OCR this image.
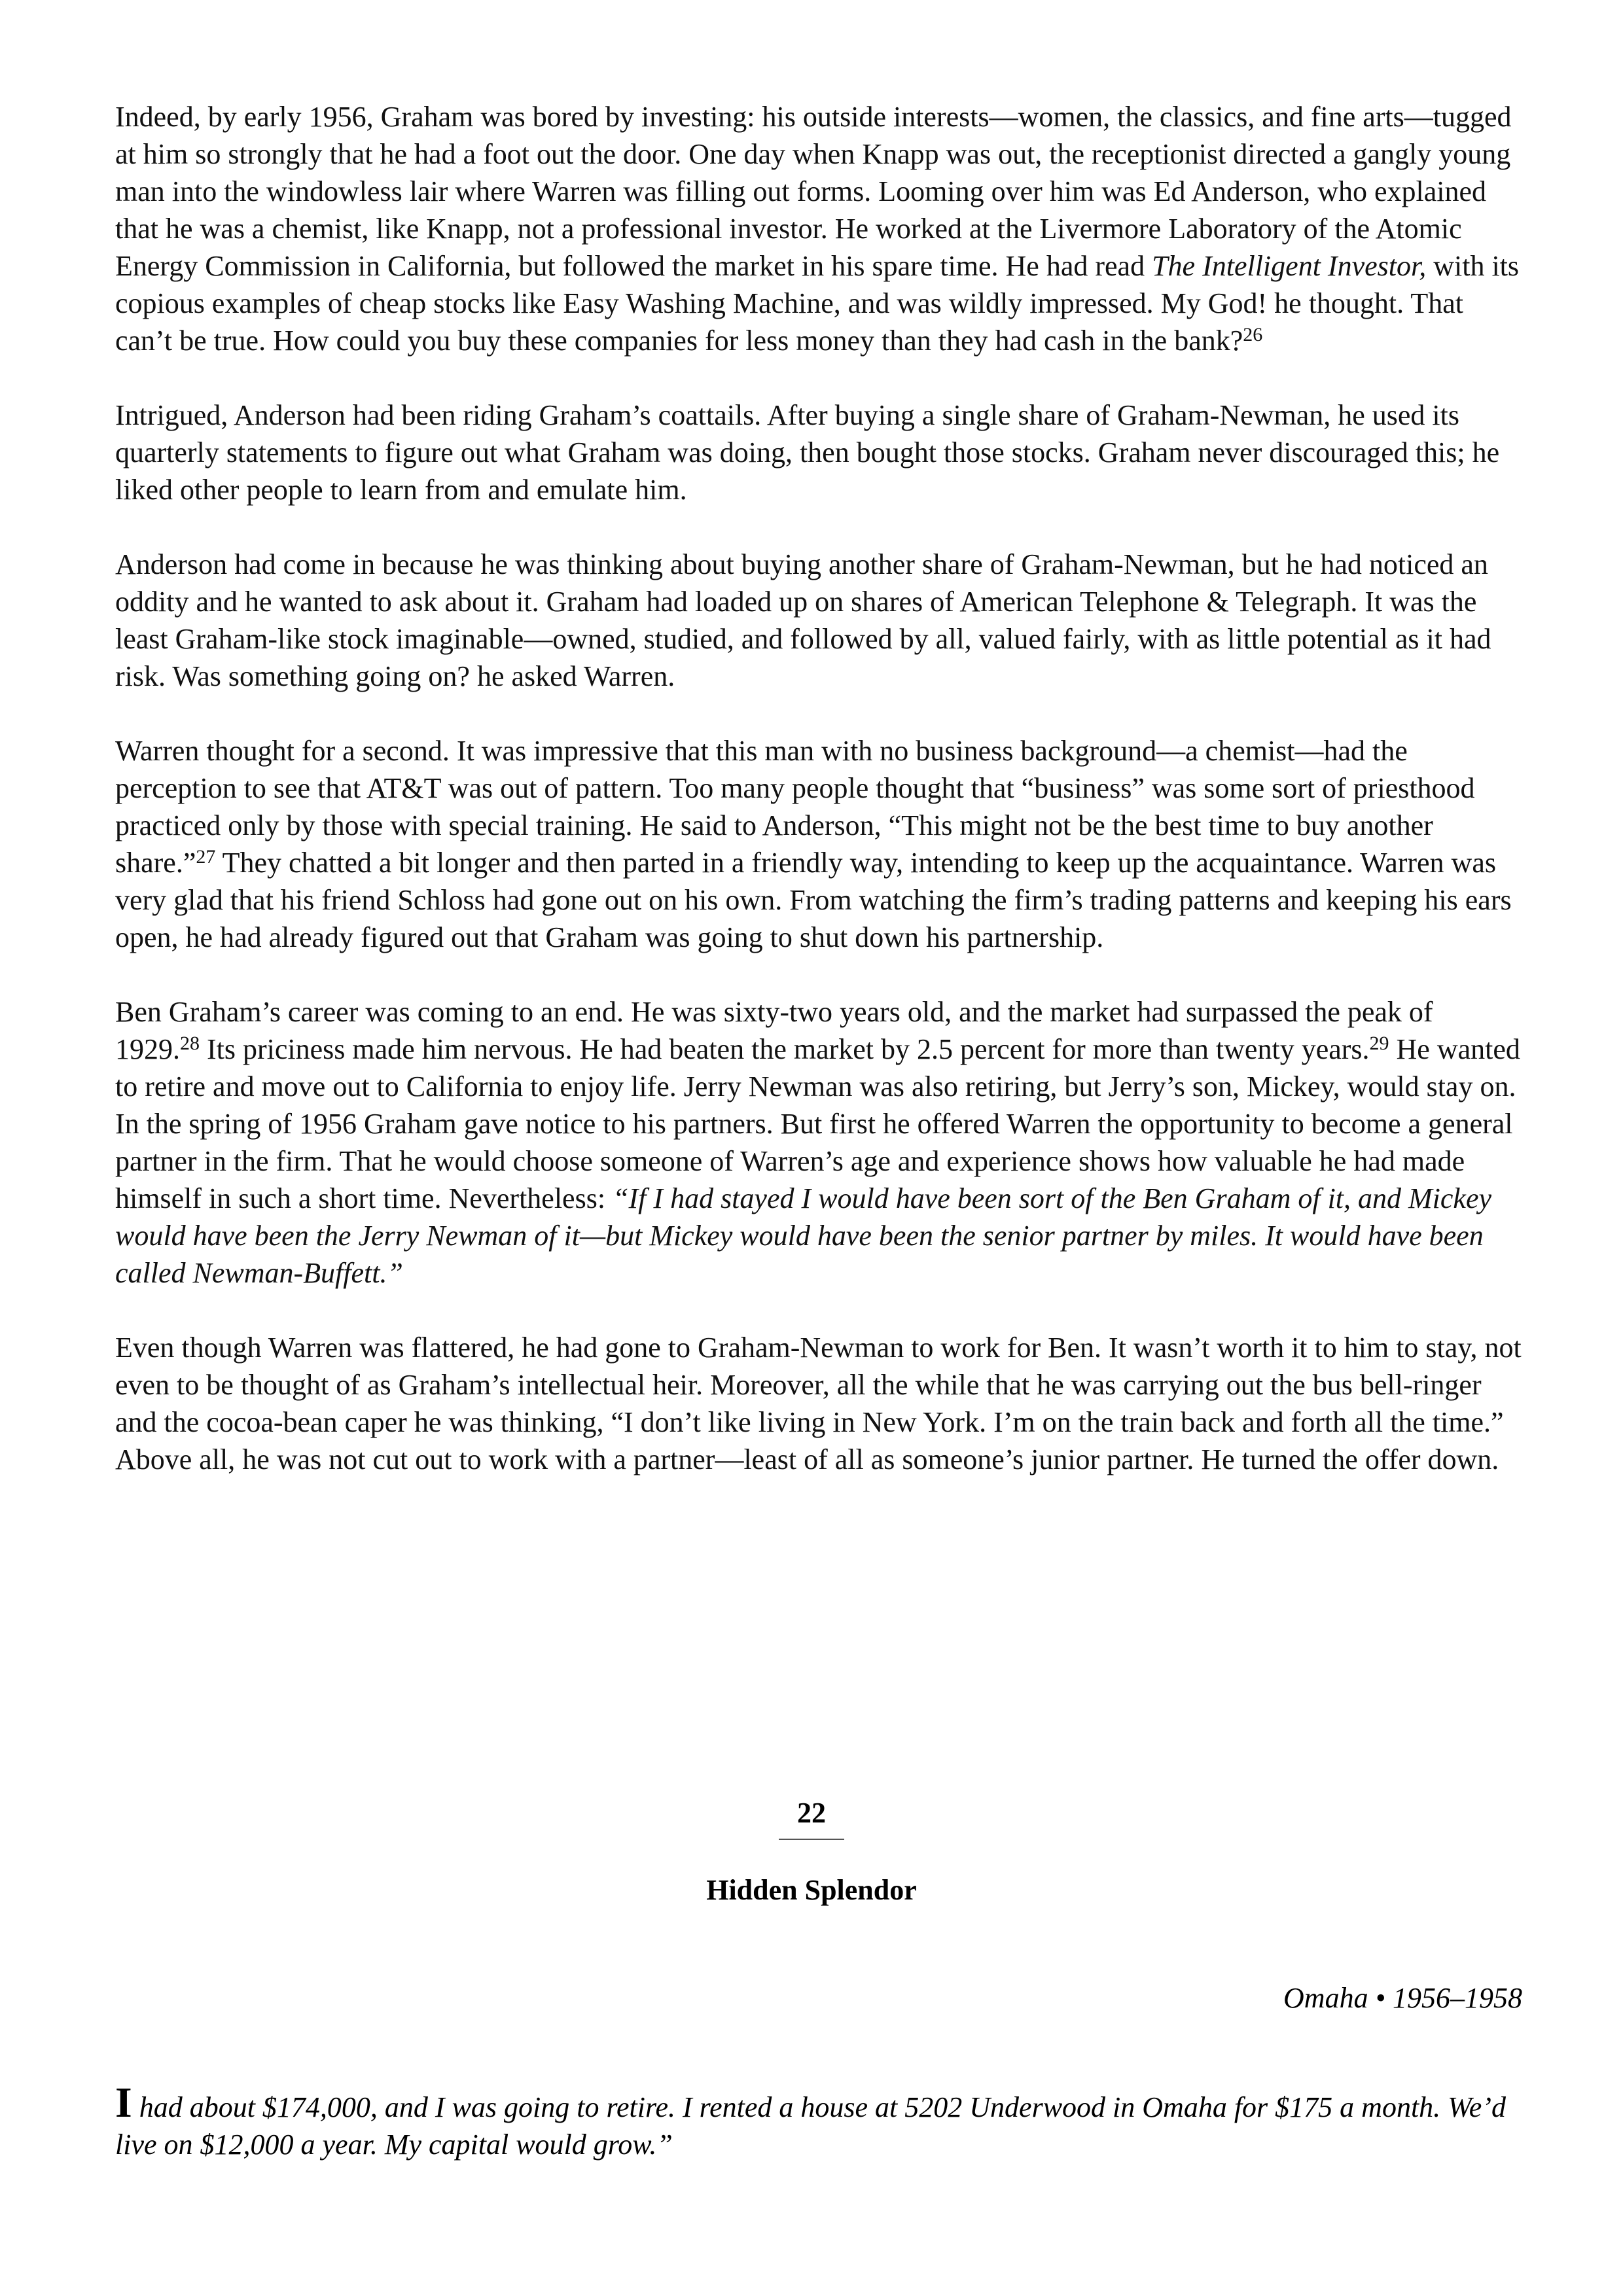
Indeed, by early 1956, Graham was bored by investing: his outside interests—women, the classics, and fine arts—tugged at him so strongly that he had a foot out the door. One day when Knapp was out, the receptionist directed a gangly young man into the windowless lair where Warren was filling out forms. Looming over him was Ed Anderson, who explained that he was a chemist, like Knapp, not a professional investor. He worked at the Livermore Laboratory of the Atomic Energy Commission in California, but followed the market in his spare time. He had read The Intelligent Investor, with its copious examples of cheap stocks like Easy Washing Machine, and was wildly impressed. My God! he thought. That can’t be true. How could you buy these companies for less money than they had cash in the bank?$^{26}$

Intrigued, Anderson had been riding Graham’s coattails. After buying a single share of Graham-Newman, he used its quarterly statements to figure out what Graham was doing, then bought those stocks. Graham never discouraged this; he liked other people to learn from and emulate him.

Anderson had come in because he was thinking about buying another share of Graham-Newman, but he had noticed an oddity and he wanted to ask about it. Graham had loaded up on shares of American Telephone & Telegraph. It was the least Graham-like stock imaginable—owned, studied, and followed by all, valued fairly, with as little potential as it had risk. Was something going on? he asked Warren.

Warren thought for a second. It was impressive that this man with no business background—a chemist—had the perception to see that AT&T was out of pattern. Too many people thought that “business” was some sort of priesthood practiced only by those with special training. He said to Anderson, “This might not be the best time to buy another share.”$^{27}$ They chatted a bit longer and then parted in a friendly way, intending to keep up the acquaintance. Warren was very glad that his friend Schloss had gone out on his own. From watching the firm’s trading patterns and keeping his ears open, he had already figured out that Graham was going to shut down his partnership.

Ben Graham’s career was coming to an end. He was sixty-two years old, and the market had surpassed the peak of 1929.28 Its priciness made him nervous. He had beaten the market by 2.5 percent for more than twenty years.$^{29}$ He wanted to retire and move out to California to enjoy life. Jerry Newman was also retiring, but Jerry’s son, Mickey, would stay on. In the spring of 1956 Graham gave notice to his partners. But first he offered Warren the opportunity to become a general partner in the firm. That he would choose someone of Warren’s age and experience shows how valuable he had made himself in such a short time. Nevertheless: “If I had stayed I would have been sort of the Ben Graham of it, and Mickey would have been the Jerry Newman of it—but Mickey would have been the senior partner by miles. It would have been called Newman-Buffett.”

Even though Warren was flattered, he had gone to Graham-Newman to work for Ben. It wasn’t worth it to him to stay, not even to be thought of as Graham’s intellectual heir. Moreover, all the while that he was carrying out the bus bell-ringer and the cocoa-bean caper he was thinking, “I don’t like living in New York. I’m on the train back and forth all the time.” Above all, he was not cut out to work with a partner—least of all as someone’s junior partner. He turned the offer down.

22
Hidden Splendor
Omaha • 1956–1958
I had about $174,000, and I was going to retire. I rented a house at 5202 Underwood in Omaha for $175 a month. We’d live on $12,000 a year. My capital would grow.”
